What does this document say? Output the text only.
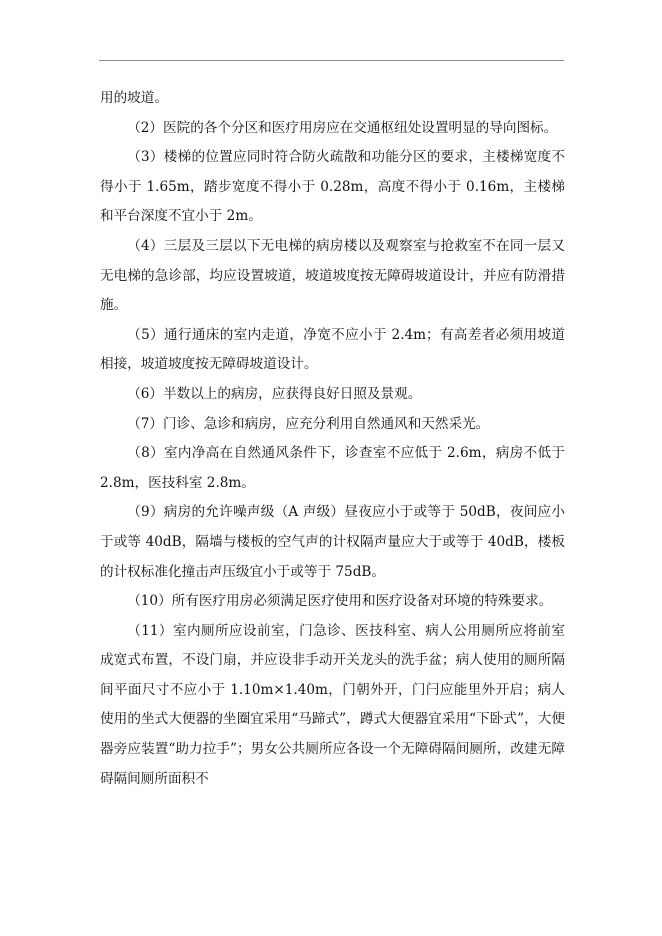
用的坡道。

（2）医院的各个分区和医疗用房应在交通枢纽处设置明显的导向图标。

（3）楼梯的位置应同时符合防火疏散和功能分区的要求，主楼梯宽度不得小于 1.65m，踏步宽度不得小于 0.28m，高度不得小于 0.16m，主楼梯和平台深度不宜小于 2m。

（4）三层及三层以下无电梯的病房楼以及观察室与抢救室不在同一层又无电梯的急诊部，均应设置坡道，坡道坡度按无障碍坡道设计，并应有防滑措施。

（5）通行通床的室内走道，净宽不应小于 2.4m；有高差者必须用坡道相接，坡道坡度按无障碍坡道设计。

（6）半数以上的病房，应获得良好日照及景观。

（7）门诊、急诊和病房，应充分利用自然通风和天然采光。

（8）室内净高在自然通风条件下，诊查室不应低于 2.6m，病房不低于 2.8m，医技科室 2.8m。

（9）病房的允许噪声级（A 声级）昼夜应小于或等于 50dB，夜间应小于或等 40dB，隔墙与楼板的空气声的计权隔声量应大于或等于 40dB，楼板的计权标准化撞击声压级宜小于或等于 75dB。

（10）所有医疗用房必须满足医疗使用和医疗设备对环境的特殊要求。

（11）室内厕所应设前室，门急诊、医技科室、病人公用厕所应将前室成宽式布置，不设门扇，并应设非手动开关龙头的洗手盆；病人使用的厕所隔间平面尺寸不应小于 1.10m×1.40m，门朝外开，门闩应能里外开启；病人使用的坐式大便器的坐圈宜采用“马蹄式”，蹲式大便器宜采用“下卧式”，大便器旁应装置“助力拉手”；男女公共厕所应各设一个无障碍隔间厕所，改建无障碍隔间厕所面积不
